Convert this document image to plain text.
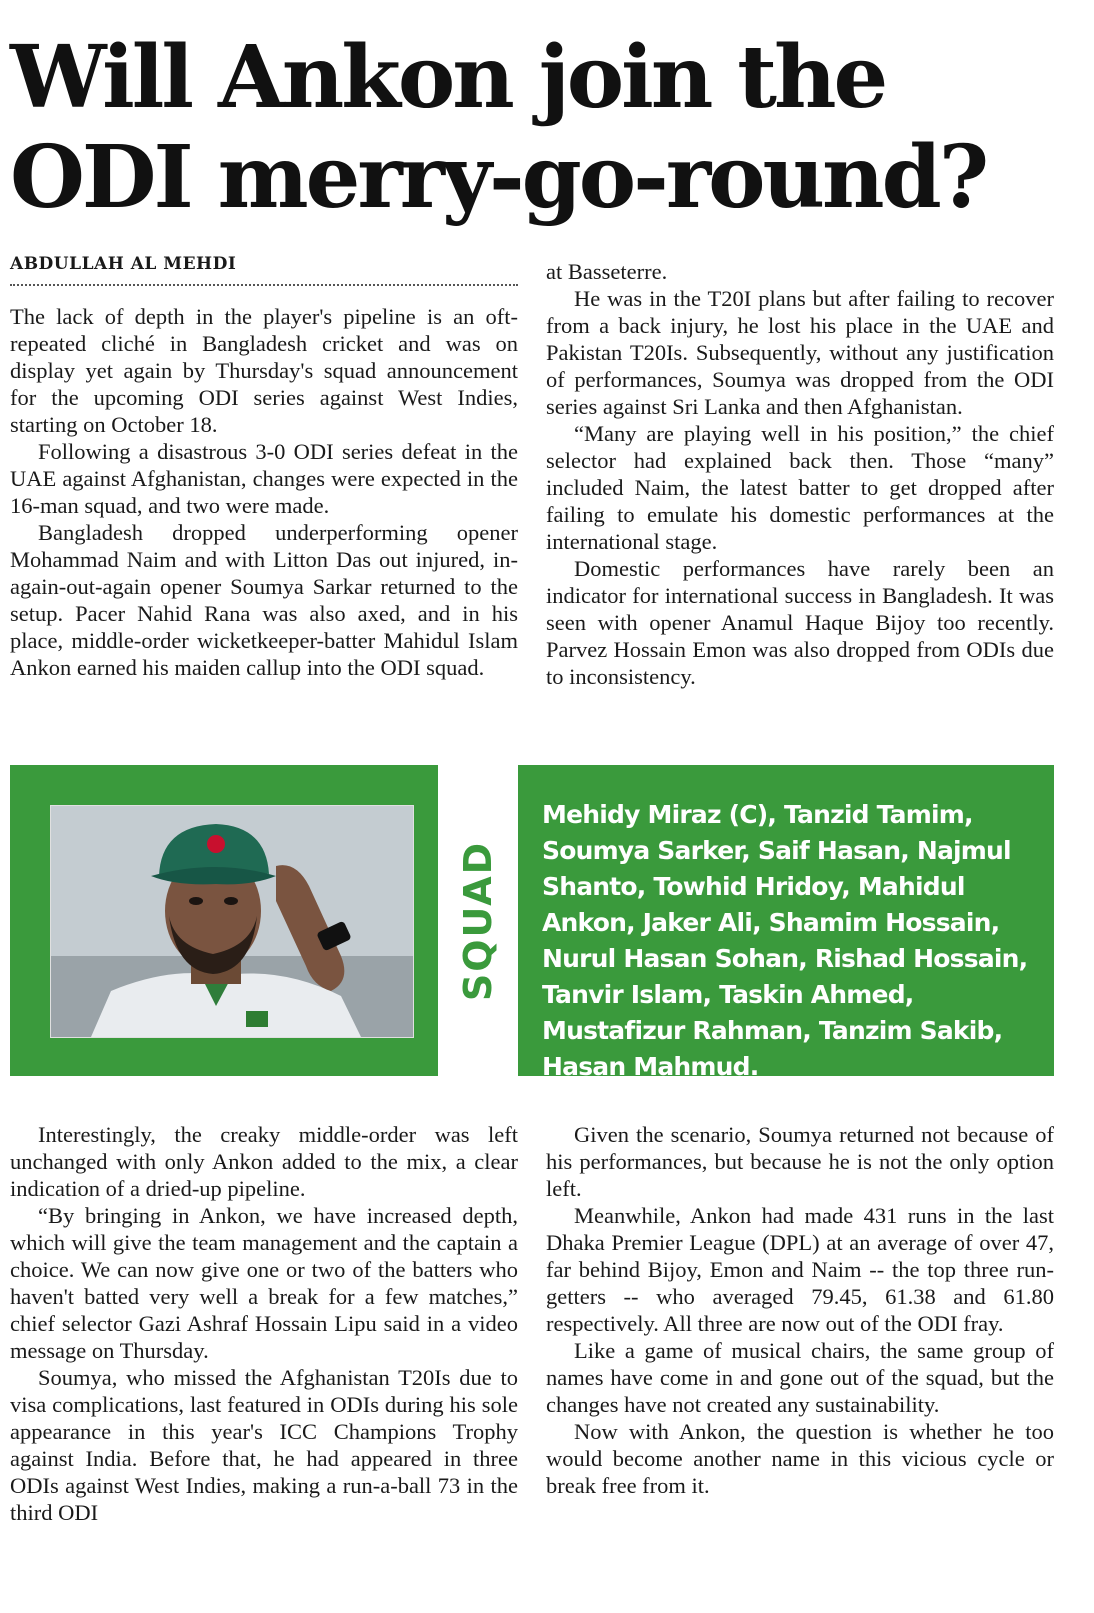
Will Ankon join the ODI merry-go-round?
ABDULLAH AL MEHDI

The lack of depth in the player's pipeline is an oft-repeated cliché in Bangladesh cricket and was on display yet again by Thursday's squad announcement for the upcoming ODI series against West Indies, starting on October 18.

Following a disastrous 3-0 ODI series defeat in the UAE against Afghanistan, changes were expected in the 16-man squad, and two were made.

Bangladesh dropped underperforming opener Mohammad Naim and with Litton Das out injured, in-again-out-again opener Soumya Sarkar returned to the setup. Pacer Nahid Rana was also axed, and in his place, middle-order wicketkeeper-batter Mahidul Islam Ankon earned his maiden callup into the ODI squad.

at Basseterre.

He was in the T20I plans but after failing to recover from a back injury, he lost his place in the UAE and Pakistan T20Is. Subsequently, without any justification of performances, Soumya was dropped from the ODI series against Sri Lanka and then Afghanistan.

“Many are playing well in his position,” the chief selector had explained back then. Those “many” included Naim, the latest batter to get dropped after failing to emulate his domestic performances at the international stage.

Domestic performances have rarely been an indicator for international success in Bangladesh. It was seen with opener Anamul Haque Bijoy too recently. Parvez Hossain Emon was also dropped from ODIs due to inconsistency.

SQUAD
Mehidy Miraz (C), Tanzid Tamim, Soumya Sarker, Saif Hasan, Najmul Shanto, Towhid Hridoy, Mahidul Ankon, Jaker Ali, Shamim Hossain, Nurul Hasan Sohan, Rishad Hossain, Tanvir Islam, Taskin Ahmed, Mustafizur Rahman, Tanzim Sakib, Hasan Mahmud.

Interestingly, the creaky middle-order was left unchanged with only Ankon added to the mix, a clear indication of a dried-up pipeline.

“By bringing in Ankon, we have increased depth, which will give the team management and the captain a choice. We can now give one or two of the batters who haven't batted very well a break for a few matches,” chief selector Gazi Ashraf Hossain Lipu said in a video message on Thursday.

Soumya, who missed the Afghanistan T20Is due to visa complications, last featured in ODIs during his sole appearance in this year's ICC Champions Trophy against India. Before that, he had appeared in three ODIs against West Indies, making a run-a-ball 73 in the third ODI

Given the scenario, Soumya returned not because of his performances, but because he is not the only option left.

Meanwhile, Ankon had made 431 runs in the last Dhaka Premier League (DPL) at an average of over 47, far behind Bijoy, Emon and Naim -- the top three run-getters -- who averaged 79.45, 61.38 and 61.80 respectively. All three are now out of the ODI fray.

Like a game of musical chairs, the same group of names have come in and gone out of the squad, but the changes have not created any sustainability.

Now with Ankon, the question is whether he too would become another name in this vicious cycle or break free from it.
